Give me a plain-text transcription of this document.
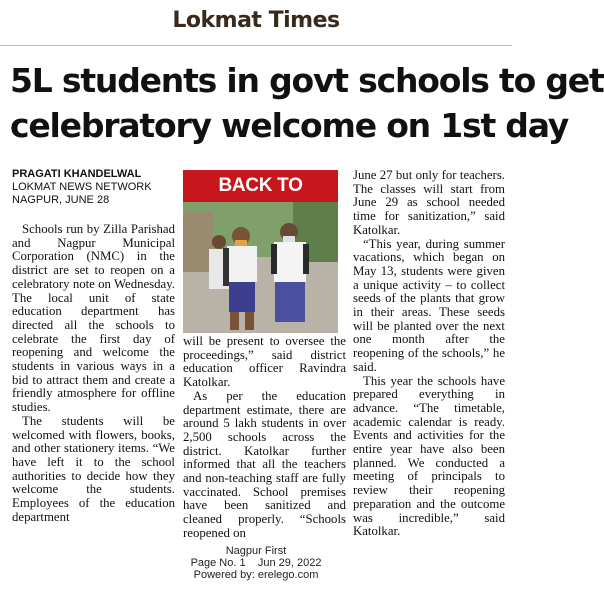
Lokmat Times
5L students in govt schools to get
celebratory welcome on 1st day
PRAGATI KHANDELWAL
LOKMAT NEWS NETWORK
NAGPUR, JUNE 28
BACK TO

Schools run by Zilla Parishad and Nagpur Municipal Corporation (NMC) in the district are set to reopen on a celebratory note on Wednesday. The local unit of state education department has directed all the schools to celebrate the first day of reopening and welcome the students in various ways in a bid to attract them and create a friendly atmosphere for offline studies.

The students will be welcomed with flowers, books, and other stationery items. “We have left it to the school authorities to decide how they welcome the students. Employees of the education department

will be present to oversee the proceedings,” said district education officer Ravindra Katolkar.

As per the education department estimate, there are around 5 lakh students in over 2,500 schools across the district. Katolkar further informed that all the teachers and non-teaching staff are fully vaccinated. School premises have been sanitized and cleaned properly. “Schools reopened on

June 27 but only for teachers. The classes will start from June 29 as school needed time for sanitization,” said Katolkar.

“This year, during summer vacations, which began on May 13, students were given a unique activity – to collect seeds of the plants that grow in their areas. These seeds will be planted over the next one month after the reopening of the schools,” he said.

This year the schools have prepared everything in advance. “The timetable, academic calendar is ready. Events and activities for the entire year have also been planned. We conducted a meeting of principals to review their reopening preparation and the outcome was incredible,” said Katolkar.

Nagpur First
Page No. 1    Jun 29, 2022
Powered by: erelego.com
